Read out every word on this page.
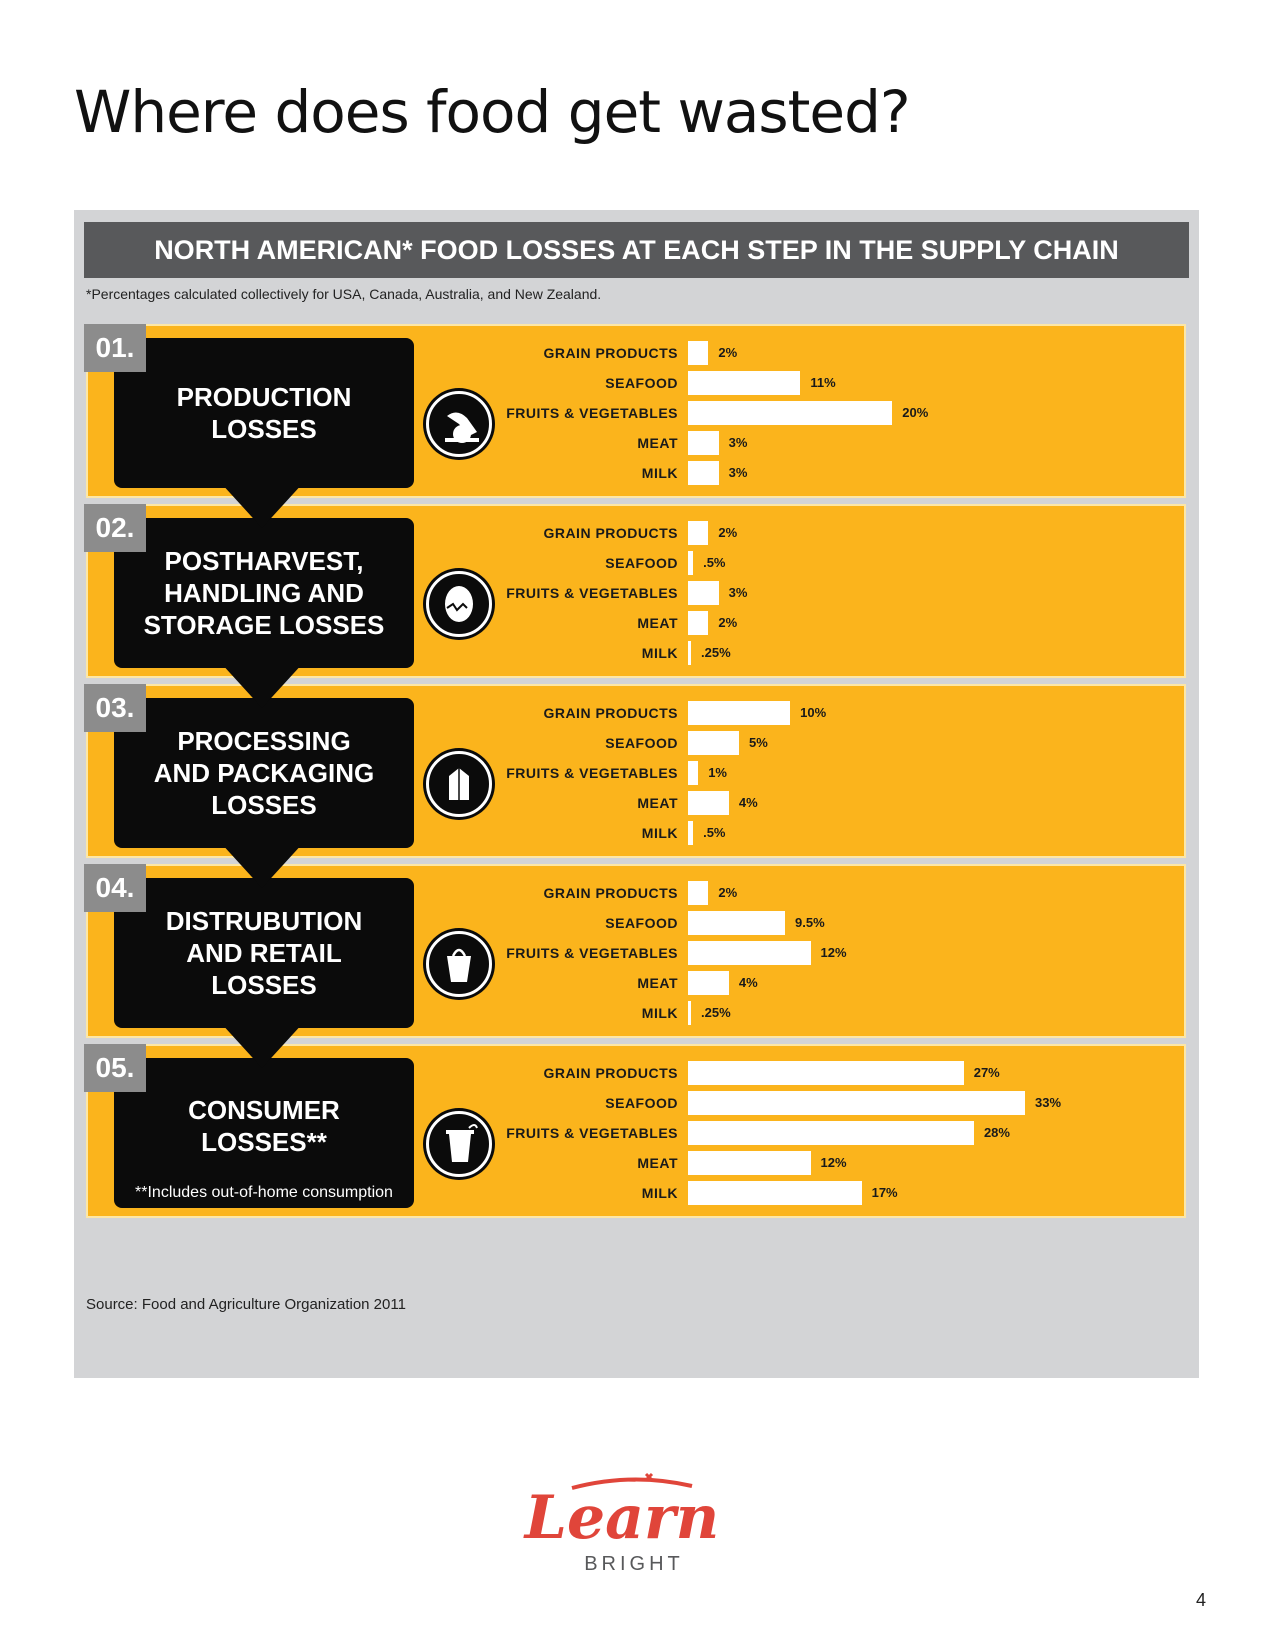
Where does food get wasted?
NORTH AMERICAN* FOOD LOSSES AT EACH STEP IN THE SUPPLY CHAIN
*Percentages calculated collectively for USA, Canada, Australia, and New Zealand.
PRODUCTION
LOSSES
01.	GRAIN PRODUCTS	2%
SEAFOOD	11%
FRUITS & VEGETABLES	20%
MEAT	3%
MILK	3%
POSTHARVEST,
HANDLING AND
STORAGE LOSSES
02.	GRAIN PRODUCTS	2%
SEAFOOD .5%
FRUITS & VEGETABLES	3%
MEAT	2%
MILK .25%
PROCESSING
AND PACKAGING
LOSSES
03.	GRAIN PRODUCTS	10%
SEAFOOD	5%
FRUITS & VEGETABLES 1%
MEAT	4%
MILK .5%
DISTRUBUTION
AND RETAIL
LOSSES
04.	GRAIN PRODUCTS	2%
SEAFOOD	9.5%
FRUITS & VEGETABLES	12%
MEAT	4%
MILK .25%
CONSUMER
LOSSES**
**Includes out-of-home consumption
05.	GRAIN PRODUCTS	27%
SEAFOOD	33%
FRUITS & VEGETABLES	28%
MEAT	12%
MILK	17%
Source: Food and Agriculture Organization 2011
Learn
BRIGHT
4
